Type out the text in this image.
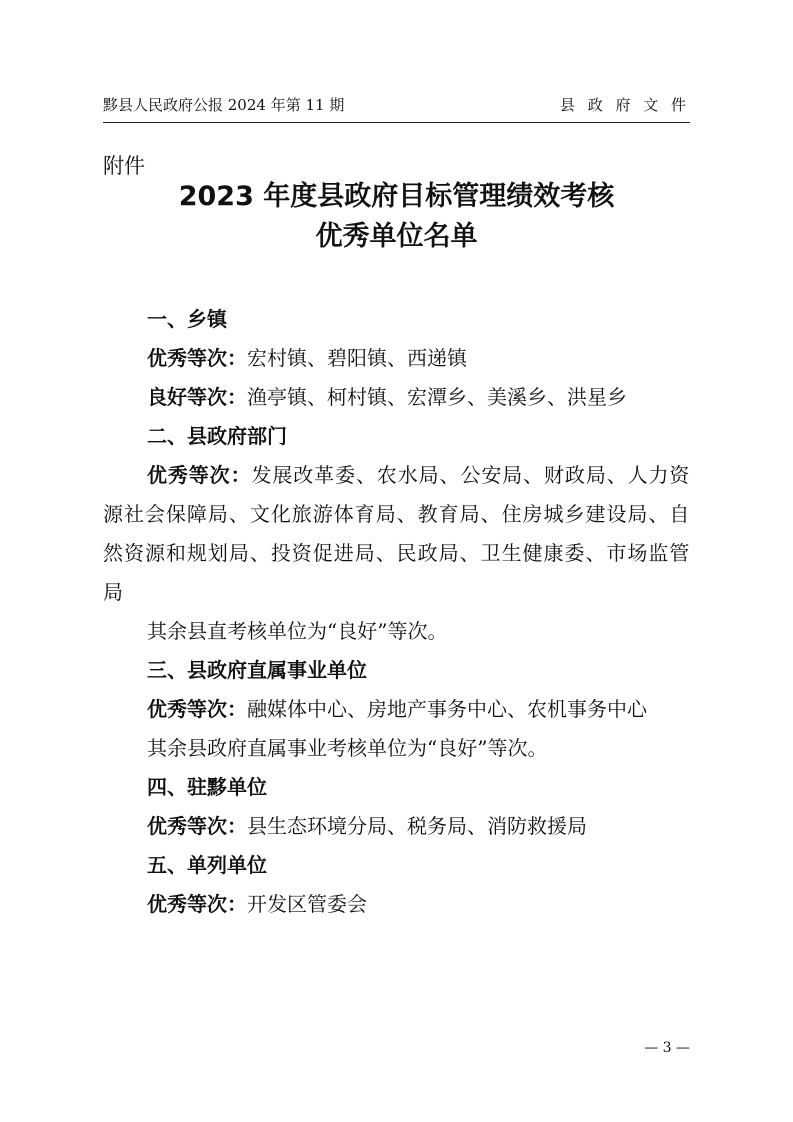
黟县人民政府公报 2024 年第 11 期	县 政 府 文 件
附件
2023 年度县政府目标管理绩效考核
优秀单位名单
一、乡镇
优秀等次：宏村镇、碧阳镇、西递镇
良好等次：渔亭镇、柯村镇、宏潭乡、美溪乡、洪星乡
二、县政府部门
优秀等次：发展改革委、农水局、公安局、财政局、人力资源社会保障局、文化旅游体育局、教育局、住房城乡建设局、自然资源和规划局、投资促进局、民政局、卫生健康委、市场监管局
其余县直考核单位为“良好”等次。
三、县政府直属事业单位
优秀等次：融媒体中心、房地产事务中心、农机事务中心
其余县政府直属事业考核单位为“良好”等次。
四、驻黟单位
优秀等次：县生态环境分局、税务局、消防救援局
五、单列单位
优秀等次：开发区管委会
— 3 —
